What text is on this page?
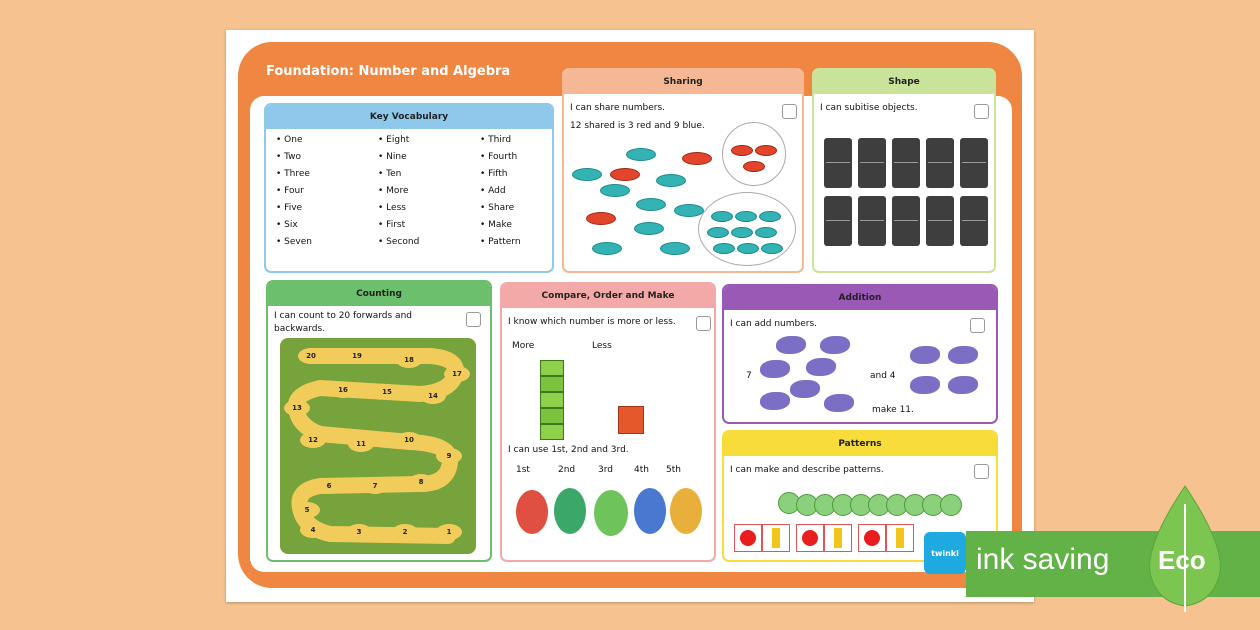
Foundation: Number and Algebra
Key Vocabulary
• One	• Eight	• Third
• Two	• Nine	• Fourth
• Three	• Ten	• Fifth
• Four	• More	• Add
• Five	• Less	• Share
• Six	• First	• Make
• Seven	• Second	• Pattern
Sharing
I can share numbers.
12 shared is 3 red and 9 blue.
Shape
I can subitise objects.
Counting
I can count to 20 forwards and backwards.
20	19	18
17
16	15	14
13
12	11	10
9
8
7
6
5
4	3	2	1
Compare, Order and Make
I know which number is more or less.
More	Less
I can use 1st, 2nd and 3rd.
1st	2nd	3rd 4th 5th
Addition
I can add numbers.
7	and 4
make 11.
Patterns
I can make and describe patterns.
twinkl ink saving Eco
